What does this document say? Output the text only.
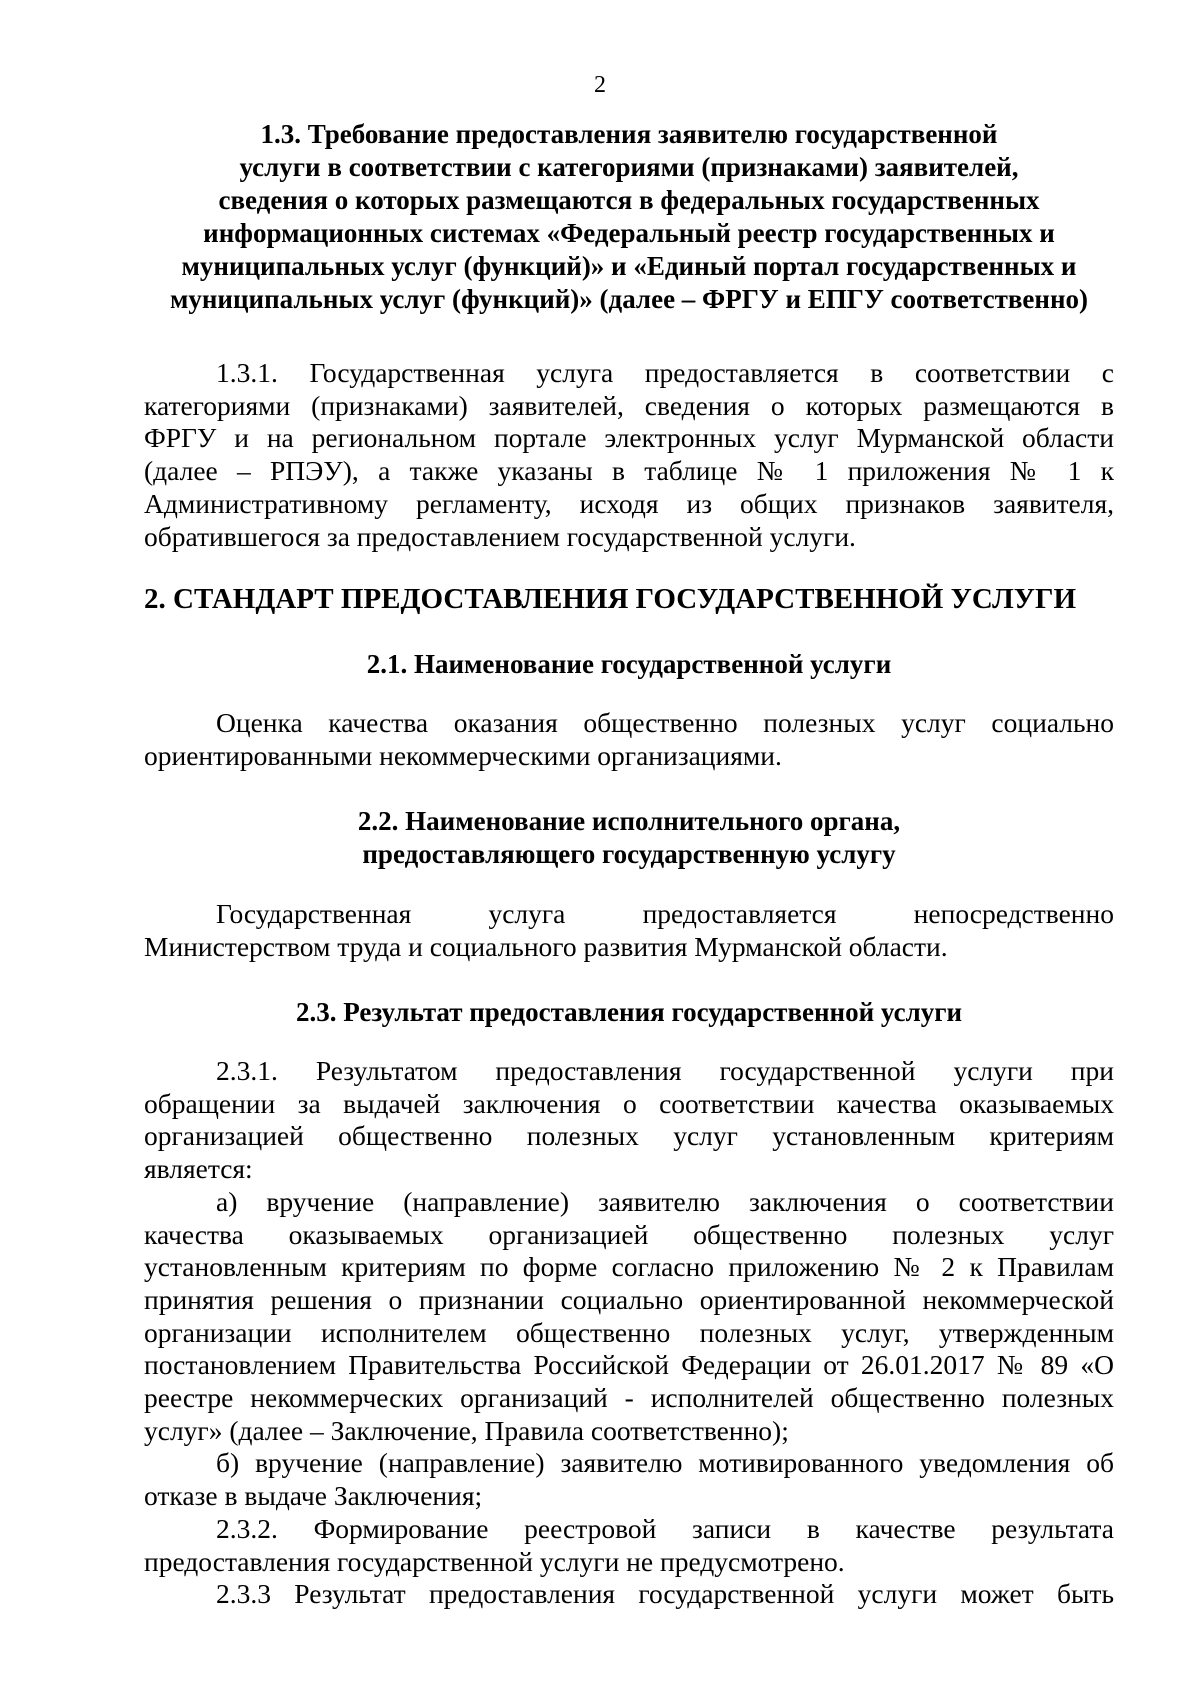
2
1.3. Требование предоставления заявителю государственной
услуги в соответствии с категориями (признаками) заявителей,
сведения о которых размещаются в федеральных государственных
информационных системах «Федеральный реестр государственных и
муниципальных услуг (функций)» и «Единый портал государственных и
муниципальных услуг (функций)» (далее – ФРГУ и ЕПГУ соответственно)
1.3.1. Государственная услуга предоставляется в соответствии с
категориями (признаками) заявителей, сведения о которых размещаются в
ФРГУ и на региональном портале электронных услуг Мурманской области
(далее – РПЭУ), а также указаны в таблице № 1 приложения № 1 к
Административному регламенту, исходя из общих признаков заявителя,
обратившегося за предоставлением государственной услуги.
2. СТАНДАРТ ПРЕДОСТАВЛЕНИЯ ГОСУДАРСТВЕННОЙ УСЛУГИ
2.1. Наименование государственной услуги
Оценка качества оказания общественно полезных услуг социально
ориентированными некоммерческими организациями.
2.2. Наименование исполнительного органа,
предоставляющего государственную услугу
Государственная услуга предоставляется непосредственно
Министерством труда и социального развития Мурманской области.
2.3. Результат предоставления государственной услуги
2.3.1. Результатом предоставления государственной услуги при
обращении за выдачей заключения о соответствии качества оказываемых
организацией общественно полезных услуг установленным критериям
является:
а) вручение (направление) заявителю заключения о соответствии
качества оказываемых организацией общественно полезных услуг
установленным критериям по форме согласно приложению № 2 к Правилам
принятия решения о признании социально ориентированной некоммерческой
организации исполнителем общественно полезных услуг, утвержденным
постановлением Правительства Российской Федерации от 26.01.2017 № 89 «О
реестре некоммерческих организаций - исполнителей общественно полезных
услуг» (далее – Заключение, Правила соответственно);
б) вручение (направление) заявителю мотивированного уведомления об
отказе в выдаче Заключения;
2.3.2. Формирование реестровой записи в качестве результата
предоставления государственной услуги не предусмотрено.
2.3.3 Результат предоставления государственной услуги может быть
